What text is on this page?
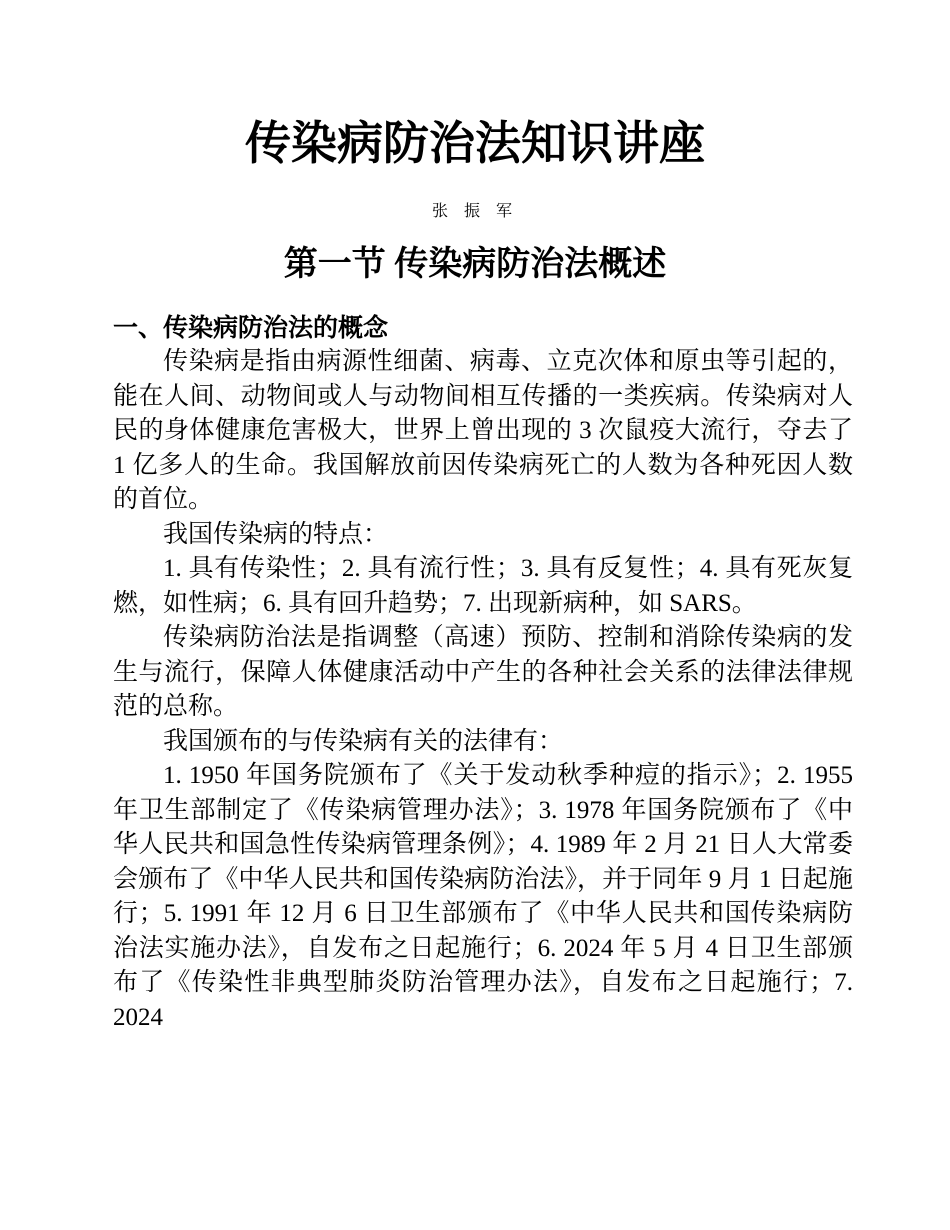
传染病防治法知识讲座
张 振 军
第一节 传染病防治法概述
一、传染病防治法的概念

传染病是指由病源性细菌、病毒、立克次体和原虫等引起的，能在人间、动物间或人与动物间相互传播的一类疾病。传染病对人民的身体健康危害极大，世界上曾出现的 3 次鼠疫大流行，夺去了 1 亿多人的生命。我国解放前因传染病死亡的人数为各种死因人数的首位。

我国传染病的特点：

1. 具有传染性；2. 具有流行性；3. 具有反复性；4. 具有死灰复燃，如性病；6. 具有回升趋势；7. 出现新病种，如 SARS。

传染病防治法是指调整（高速）预防、控制和消除传染病的发生与流行，保障人体健康活动中产生的各种社会关系的法律法律规范的总称。

我国颁布的与传染病有关的法律有：

1. 1950 年国务院颁布了《关于发动秋季种痘的指示》；2. 1955 年卫生部制定了《传染病管理办法》；3. 1978 年国务院颁布了《中华人民共和国急性传染病管理条例》；4. 1989 年 2 月 21 日人大常委会颁布了《中华人民共和国传染病防治法》，并于同年 9 月 1 日起施行；5. 1991 年 12 月 6 日卫生部颁布了《中华人民共和国传染病防治法实施办法》，自发布之日起施行；6. 2024 年 5 月 4 日卫生部颁布了《传染性非典型肺炎防治管理办法》，自发布之日起施行；7. 2024
